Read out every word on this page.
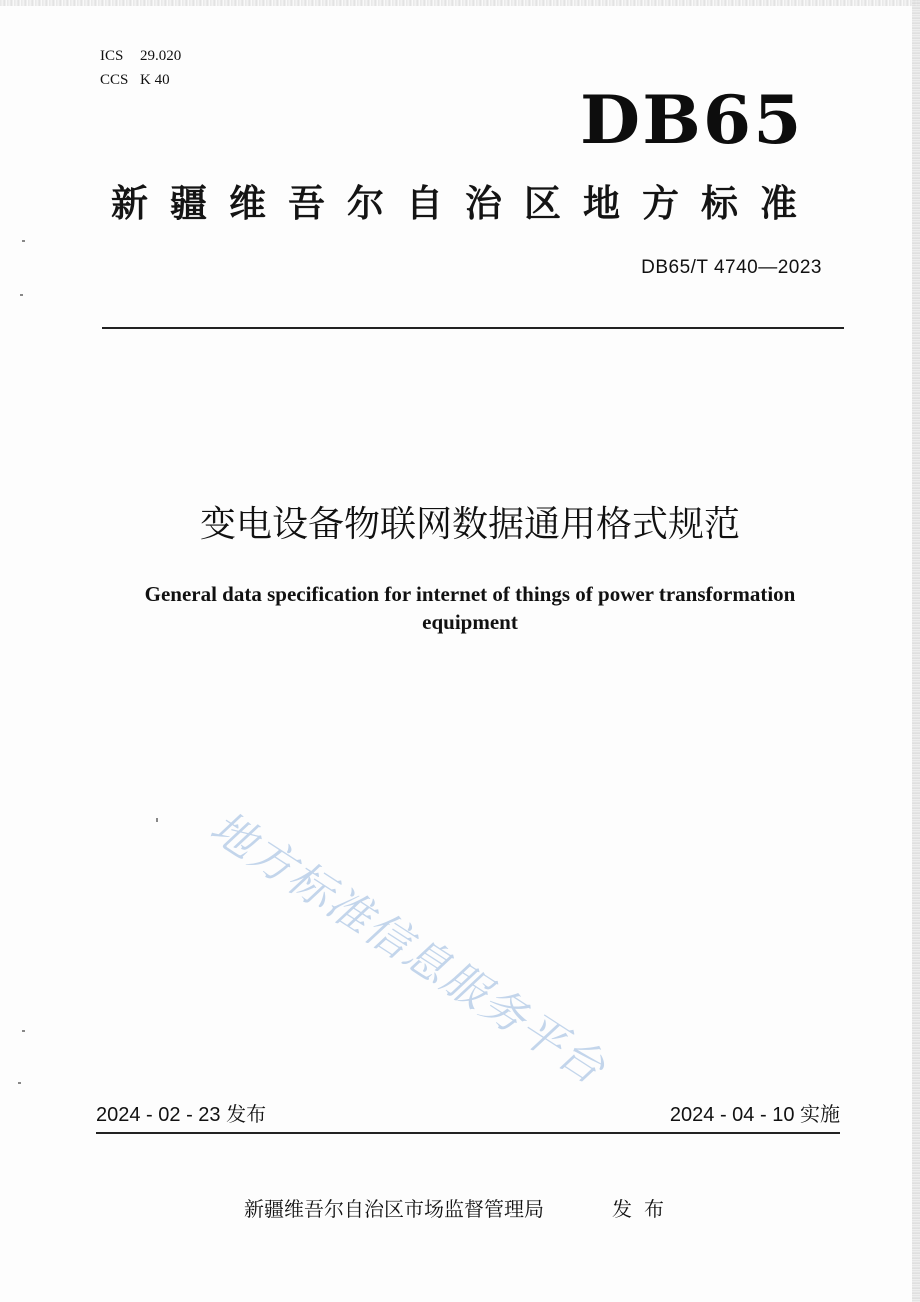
ICS 29.020
CCS K 40
DB65
新疆维吾尔自治区地方标准
DB65/T 4740—2023
变电设备物联网数据通用格式规范
General data specification for internet of things of power transformation equipment
地方标准信息服务平台
2024 - 02 - 23 发布	2024 - 04 - 10 实施
新疆维吾尔自治区市场监督管理局	发布
